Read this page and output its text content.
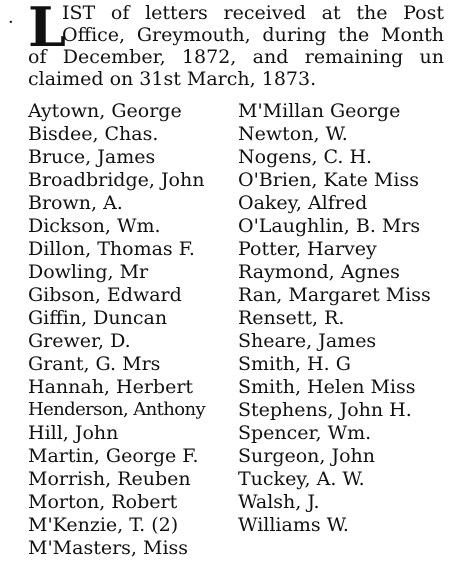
· L
IST of letters received at the Post
Office, Greymouth, during the Month
of December, 1872, and remaining un
claimed on 31st March, 1873.
Aytown, George
Bisdee, Chas.
Bruce, James
Broadbridge, John
Brown, A.
Dickson, Wm.
Dillon, Thomas F.
Dowling, Mr
Gibson, Edward
Giffin, Duncan
Grewer, D.
Grant, G. Mrs
Hannah, Herbert
Henderson, Anthony
Hill, John
Martin, George F.
Morrish, Reuben
Morton, Robert
M'Kenzie, T. (2)
M'Masters, Miss
M'Millan George
Newton, W.
Nogens, C. H.
O'Brien, Kate Miss
Oakey, Alfred
O'Laughlin, B. Mrs
Potter, Harvey
Raymond, Agnes
Ran, Margaret Miss
Rensett, R.
Sheare, James
Smith, H. G
Smith, Helen Miss
Stephens, John H.
Spencer, Wm.
Surgeon, John
Tuckey, A. W.
Walsh, J.
Williams W.
